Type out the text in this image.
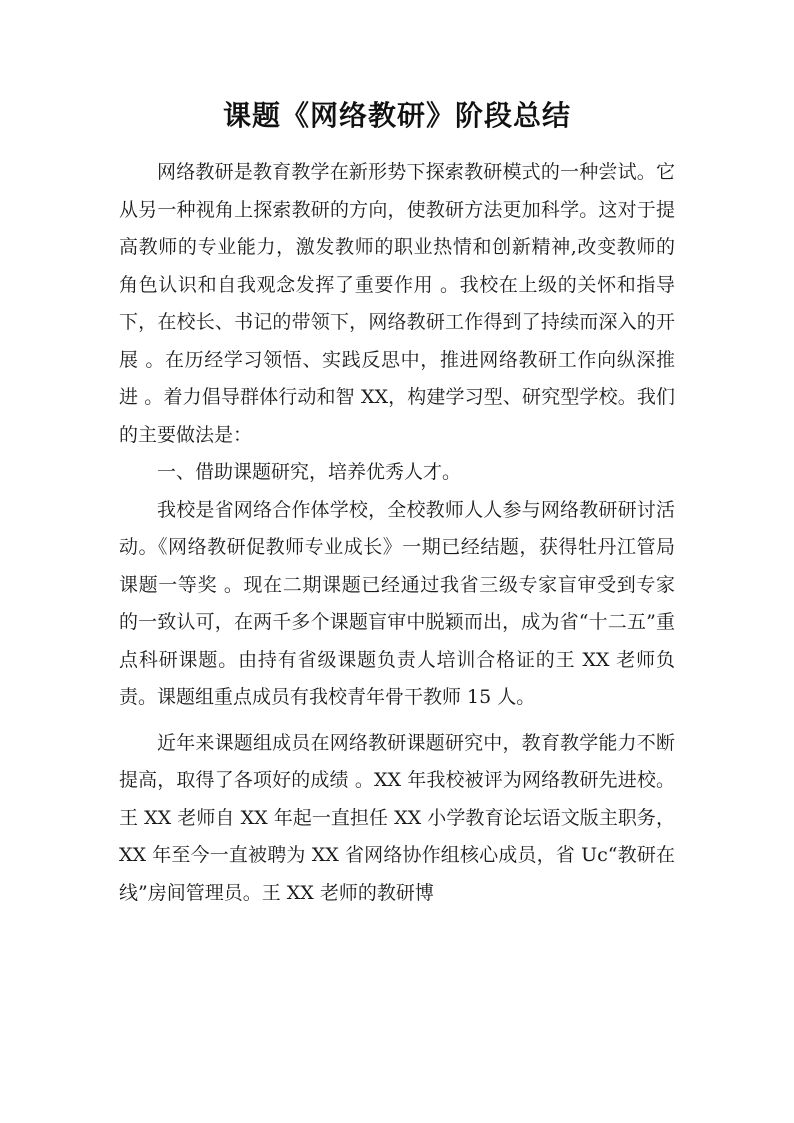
课题《网络教研》阶段总结

网络教研是教育教学在新形势下探索教研模式的一种尝试。它从另一种视角上探索教研的方向，使教研方法更加科学。这对于提高教师的专业能力，激发教师的职业热情和创新精神,改变教师的角色认识和自我观念发挥了重要作用 。我校在上级的关怀和指导下，在校长、书记的带领下，网络教研工作得到了持续而深入的开展 。在历经学习领悟、实践反思中，推进网络教研工作向纵深推进 。着力倡导群体行动和智 XX，构建学习型、研究型学校。我们的主要做法是：

一、借助课题研究，培养优秀人才。

我校是省网络合作体学校，全校教师人人参与网络教研研讨活动。《网络教研促教师专业成长》一期已经结题，获得牡丹江管局课题一等奖 。现在二期课题已经通过我省三级专家盲审受到专家的一致认可，在两千多个课题盲审中脱颖而出，成为省“十二五”重点科研课题。由持有省级课题负责人培训合格证的王 XX 老师负责。课题组重点成员有我校青年骨干教师 15 人。

近年来课题组成员在网络教研课题研究中，教育教学能力不断提高，取得了各项好的成绩 。XX 年我校被评为网络教研先进校。王 XX 老师自 XX 年起一直担任 XX 小学教育论坛语文版主职务，XX 年至今一直被聘为 XX 省网络协作组核心成员，省 Uc“教研在线”房间管理员。王 XX 老师的教研博
